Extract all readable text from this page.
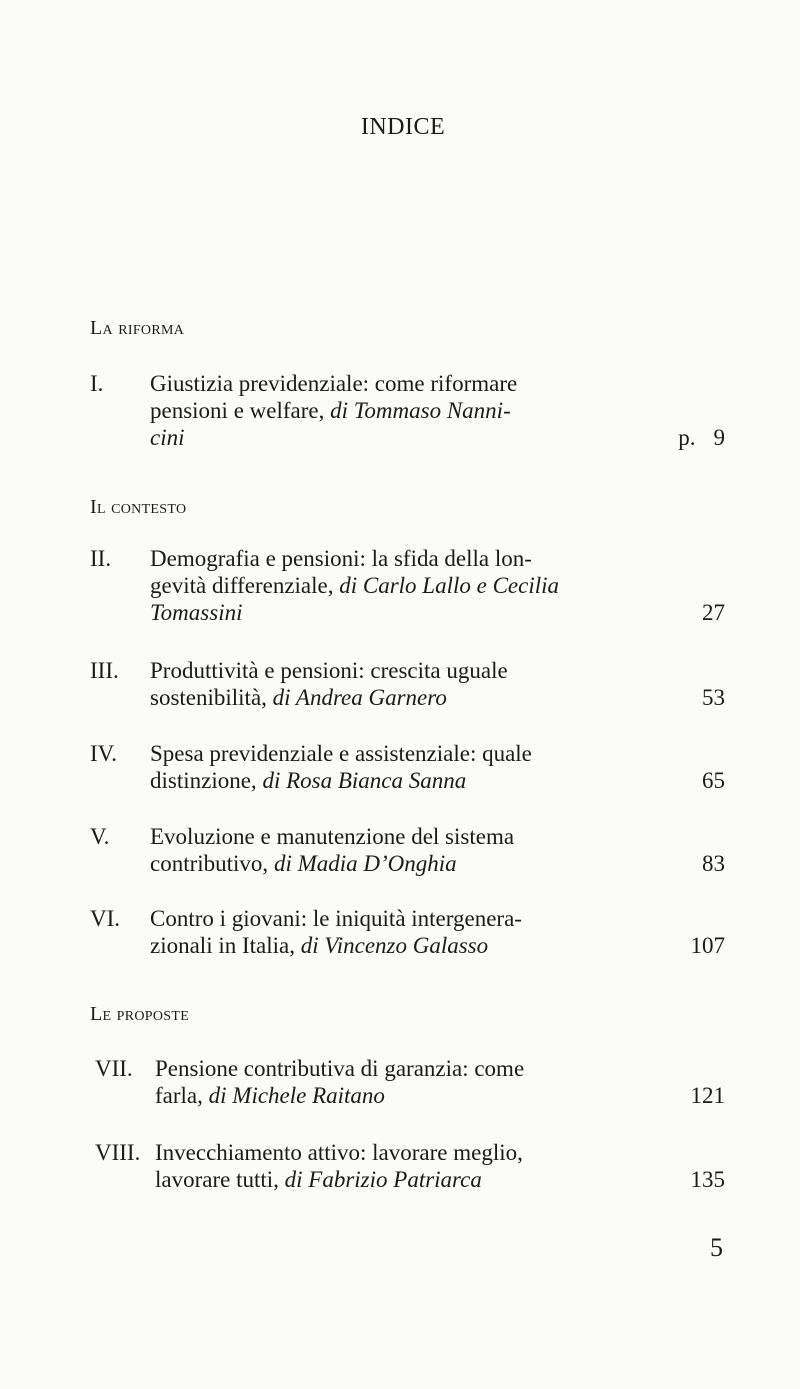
INDICE
La riforma
I. Giustizia previdenziale: come riformare
pensioni e welfare, di Tommaso Nanni-
cini	p. 9
Il contesto
II. Demografia e pensioni: la sfida della lon-
gevità differenziale, di Carlo Lallo e Cecilia
Tomassini	27
III. Produttività e pensioni: crescita uguale
sostenibilità, di Andrea Garnero	53
IV. Spesa previdenziale e assistenziale: quale
distinzione, di Rosa Bianca Sanna	65
V. Evoluzione e manutenzione del sistema
contributivo, di Madia D’Onghia	83
VI. Contro i giovani: le iniquità intergenera-
zionali in Italia, di Vincenzo Galasso	107
Le proposte
VII. Pensione contributiva di garanzia: come
farla, di Michele Raitano	121
VIII. Invecchiamento attivo: lavorare meglio,
lavorare tutti, di Fabrizio Patriarca	135
5
